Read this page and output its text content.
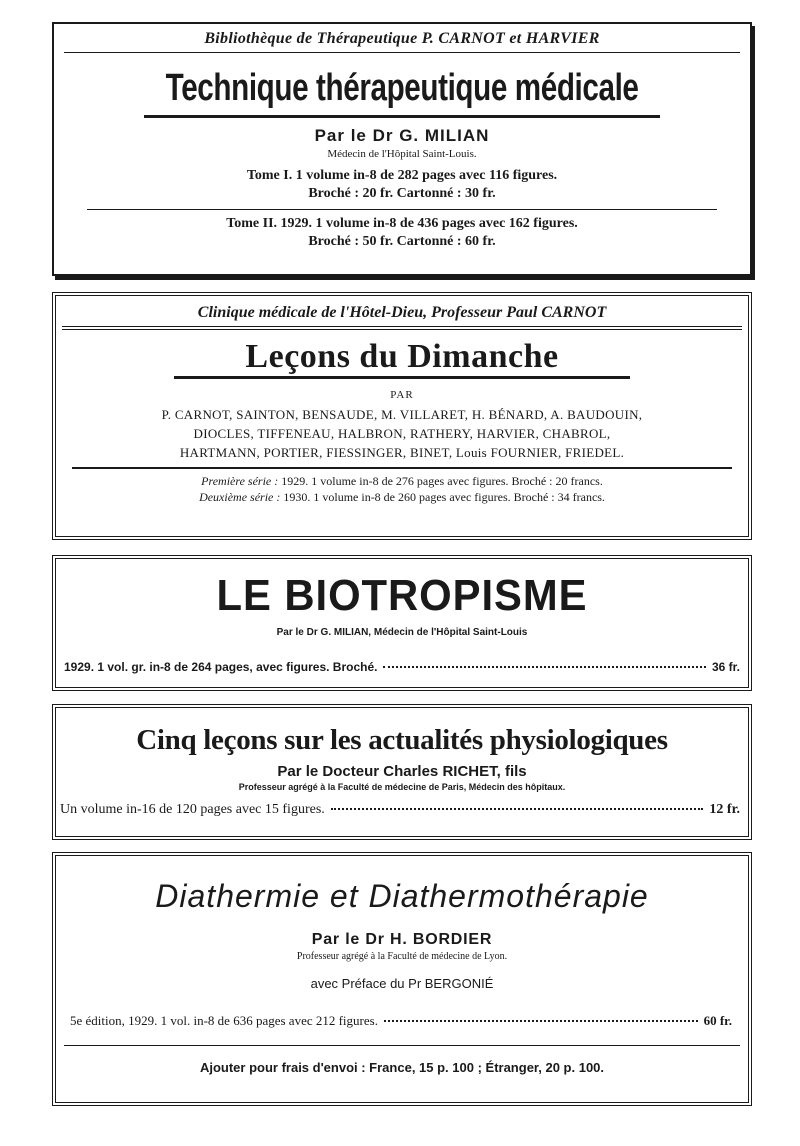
Bibliothèque de Thérapeutique P. CARNOT et HARVIER

Technique thérapeutique médicale

Par le Dr G. MILIAN

Médecin de l'Hôpital Saint-Louis.

Tome I. 1 volume in-8 de 282 pages avec 116 figures.

Broché : 20 fr. Cartonné : 30 fr.

Tome II. 1929. 1 volume in-8 de 436 pages avec 162 figures.

Broché : 50 fr. Cartonné : 60 fr.

Clinique médicale de l'Hôtel-Dieu, Professeur Paul CARNOT

Leçons du Dimanche

PAR

P. CARNOT, SAINTON, BENSAUDE, M. VILLARET, H. BÉNARD, A. BAUDOUIN,

DIOCLES, TIFFENEAU, HALBRON, RATHERY, HARVIER, CHABROL,

HARTMANN, PORTIER, FIESSINGER, BINET, Louis FOURNIER, FRIEDEL.

Première série : 1929. 1 volume in-8 de 276 pages avec figures. Broché : 20 francs.

Deuxième série : 1930. 1 volume in-8 de 260 pages avec figures. Broché : 34 francs.

LE BIOTROPISME

Par le Dr G. MILIAN, Médecin de l'Hôpital Saint-Louis

1929. 1 vol. gr. in-8 de 264 pages, avec figures. Broché.	36 fr.

Cinq leçons sur les actualités physiologiques

Par le Docteur Charles RICHET, fils

Professeur agrégé à la Faculté de médecine de Paris, Médecin des hôpitaux.

Un volume in-16 de 120 pages avec 15 figures.	12 fr.

Diathermie et Diathermothérapie

Par le Dr H. BORDIER

Professeur agrégé à la Faculté de médecine de Lyon.

avec Préface du Pr BERGONIÉ

5e édition, 1929. 1 vol. in-8 de 636 pages avec 212 figures.	60 fr.

Ajouter pour frais d'envoi : France, 15 p. 100 ; Étranger, 20 p. 100.
